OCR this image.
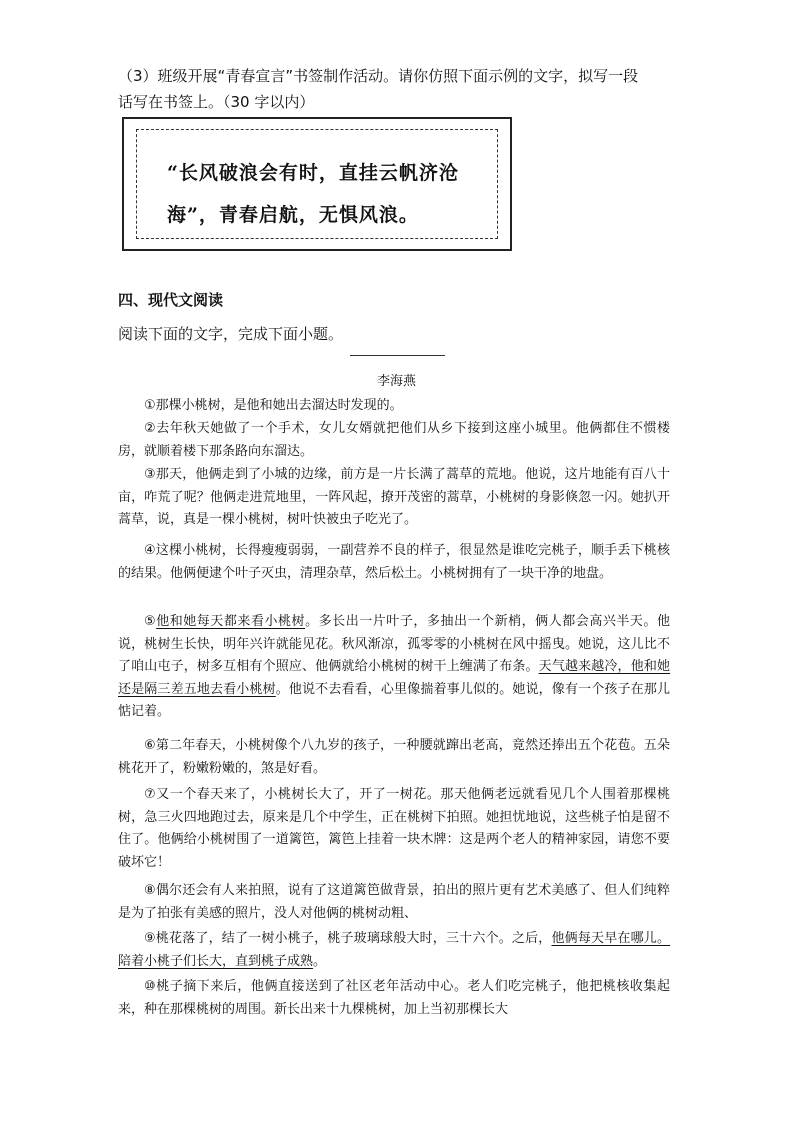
（3）班级开展“青春宣言”书签制作活动。请你仿照下面示例的文字，拟写一段
话写在书签上。（30 字以内）
“长风破浪会有时，直挂云帆济沧
海”，青春启航，无惧风浪。
四、现代文阅读
阅读下面的文字，完成下面小题。
李海燕
①那棵小桃树，是他和她出去溜达时发现的。
②去年秋天她做了一个手术，女儿女婿就把他们从乡下接到这座小城里。他俩都住不惯楼房，就顺着楼下那条路向东溜达。
③那天，他俩走到了小城的边缘，前方是一片长满了蒿草的荒地。他说，这片地能有百八十亩，咋荒了呢？他俩走进荒地里，一阵风起，撩开茂密的蒿草，小桃树的身影倏忽一闪。她扒开蒿草，说，真是一棵小桃树，树叶快被虫子吃光了。
④这棵小桃树，长得瘦瘦弱弱，一副营养不良的样子，很显然是谁吃完桃子，顺手丢下桃核的结果。他俩便逮个叶子灭虫，清理杂草，然后松土。小桃树拥有了一块干净的地盘。
⑤他和她每天都来看小桃树。多长出一片叶子，多抽出一个新梢，俩人都会高兴半天。他说，桃树生长快，明年兴许就能见花。秋风渐凉，孤零零的小桃树在风中摇曳。她说，这儿比不了咱山屯子，树多互相有个照应、他俩就给小桃树的树干上缠满了布条。天气越来越冷，他和她还是隔三差五地去看小桃树。他说不去看看，心里像揣着事儿似的。她说，像有一个孩子在那儿惦记着。
⑥第二年春天，小桃树像个八九岁的孩子，一种腰就蹿出老高，竟然还捧出五个花苞。五朵桃花开了，粉嫩粉嫩的，煞是好看。
⑦又一个春天来了，小桃树长大了，开了一树花。那天他俩老远就看见几个人围着那棵桃树，急三火四地跑过去，原来是几个中学生，正在桃树下拍照。她担忧地说，这些桃子怕是留不住了。他俩给小桃树围了一道篱笆，篱笆上挂着一块木牌：这是两个老人的精神家园，请您不要破坏它！
⑧偶尔还会有人来拍照，说有了这道篱笆做背景，拍出的照片更有艺术美感了、但人们纯粹是为了拍张有美感的照片，没人对他俩的桃树动粗、
⑨桃花落了，结了一树小桃子，桃子玻璃球般大时，三十六个。之后，他俩每天早在哪儿。陪着小桃子们长大，直到桃子成熟。
⑩桃子摘下来后，他俩直接送到了社区老年活动中心。老人们吃完桃子，他把桃核收集起来，种在那棵桃树的周围。新长出来十九棵桃树，加上当初那棵长大
